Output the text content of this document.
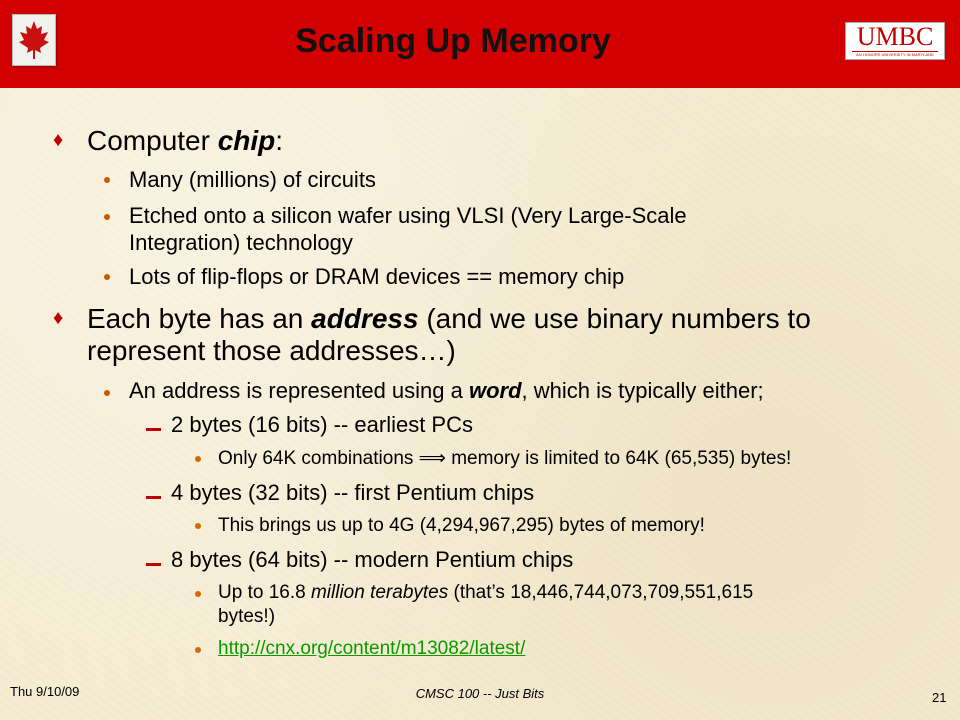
Scaling Up Memory	UMBC
AN HONORS UNIVERSITY IN MARYLAND
♦ Computer chip:
Many (millions) of circuits
Etched onto a silicon wafer using VLSI (Very Large-Scale
Integration) technology
Lots of flip-flops or DRAM devices == memory chip
♦ Each byte has an address (and we use binary numbers to
represent those addresses…)
An address is represented using a word, which is typically either;
2 bytes (16 bits) -- earliest PCs
Only 64K combinations ⟹ memory is limited to 64K (65,535) bytes!
4 bytes (32 bits) -- first Pentium chips
This brings us up to 4G (4,294,967,295) bytes of memory!
8 bytes (64 bits) -- modern Pentium chips
Up to 16.8 million terabytes (that’s 18,446,744,073,709,551,615
bytes!)
http://cnx.org/content/m13082/latest/
Thu 9/10/09	CMSC 100 -- Just Bits	21
